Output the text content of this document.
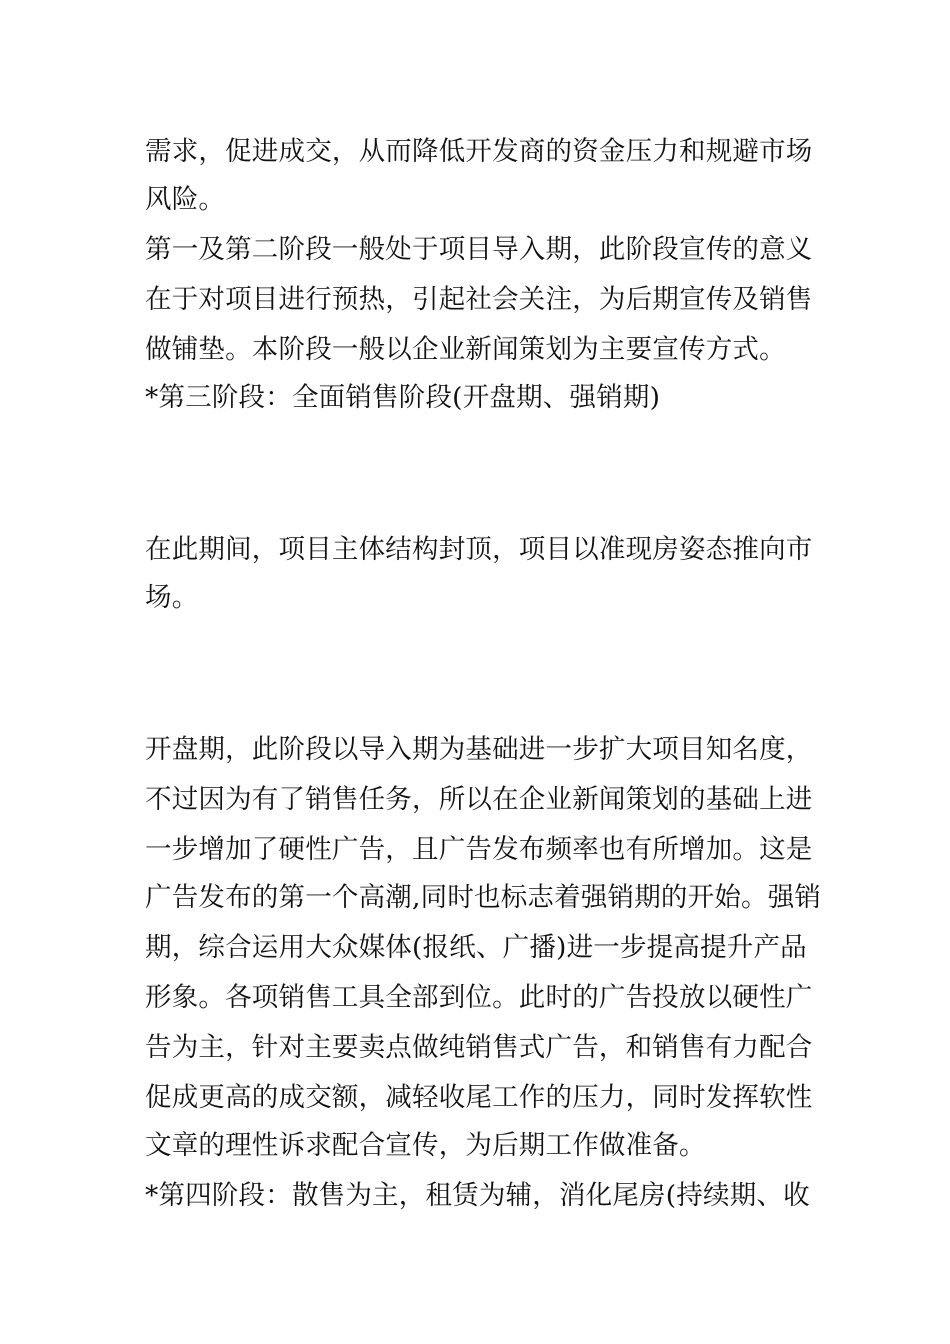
需求，促进成交，从而降低开发商的资金压力和规避市场
风险。
第一及第二阶段一般处于项目导入期，此阶段宣传的意义
在于对项目进行预热，引起社会关注，为后期宣传及销售
做铺垫。本阶段一般以企业新闻策划为主要宣传方式。
*第三阶段：全面销售阶段(开盘期、强销期)
在此期间，项目主体结构封顶，项目以准现房姿态推向市
场。
开盘期，此阶段以导入期为基础进一步扩大项目知名度，
不过因为有了销售任务，所以在企业新闻策划的基础上进
一步增加了硬性广告，且广告发布频率也有所增加。这是
广告发布的第一个高潮,同时也标志着强销期的开始。强销
期，综合运用大众媒体(报纸、广播)进一步提高提升产品
形象。各项销售工具全部到位。此时的广告投放以硬性广
告为主，针对主要卖点做纯销售式广告，和销售有力配合
促成更高的成交额，减轻收尾工作的压力，同时发挥软性
文章的理性诉求配合宣传，为后期工作做准备。
*第四阶段：散售为主，租赁为辅，消化尾房(持续期、收
